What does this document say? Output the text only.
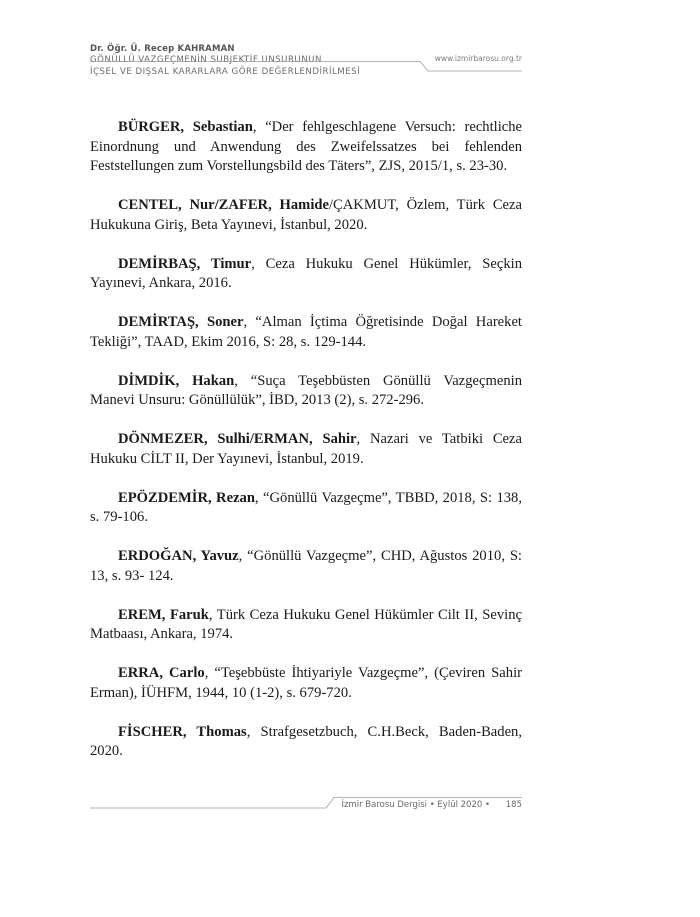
Dr. Öğr. Ü. Recep KAHRAMAN
www.izmirbarosu.org.tr
GÖNÜLLÜ VAZGEÇMENİN SUBJEKTİF UNSURUNUN
İÇSEL VE DIŞSAL KARARLARA GÖRE DEĞERLENDİRİLMESİ

BÜRGER, Sebastian, “Der fehlgeschlagene Versuch: rechtliche Einordnung und Anwendung des Zweifelssatzes bei fehlenden Feststellungen zum Vorstellungsbild des Täters”, ZJS, 2015/1, s. 23-30.

CENTEL, Nur/ZAFER, Hamide/ÇAKMUT, Özlem, Türk Ceza Hukukuna Giriş, Beta Yayınevi, İstanbul, 2020.

DEMİRBAŞ, Timur, Ceza Hukuku Genel Hükümler, Seçkin Yayınevi, Ankara, 2016.

DEMİRTAŞ, Soner, “Alman İçtima Öğretisinde Doğal Hareket Tekliği”, TAAD, Ekim 2016, S: 28, s. 129-144.

DİMDİK, Hakan, “Suça Teşebbüsten Gönüllü Vazgeçmenin Manevi Unsuru: Gönüllülük”, İBD, 2013 (2), s. 272-296.

DÖNMEZER, Sulhi/ERMAN, Sahir, Nazari ve Tatbiki Ceza Hukuku CİLT II, Der Yayınevi, İstanbul, 2019.

EPÖZDEMİR, Rezan, “Gönüllü Vazgeçme”, TBBD, 2018, S: 138, s. 79-106.

ERDOĞAN, Yavuz, “Gönüllü Vazgeçme”, CHD, Ağustos 2010, S: 13, s. 93- 124.

EREM, Faruk, Türk Ceza Hukuku Genel Hükümler Cilt II, Sevinç Matbaası, Ankara, 1974.

ERRA, Carlo, “Teşebbüste İhtiyariyle Vazgeçme”, (Çeviren Sahir Erman), İÜHFM, 1944, 10 (1-2), s. 679-720.

FİSCHER, Thomas, Strafgesetzbuch, C.H.Beck, Baden-Baden, 2020.

İzmir Barosu Dergisi • Eylül 2020 • 185
